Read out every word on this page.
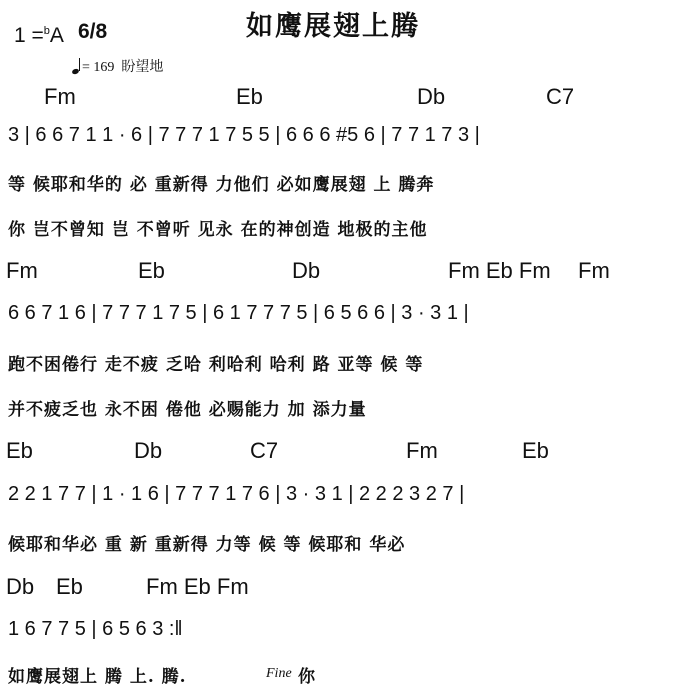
如鹰展翅上腾
1 =$^b$A 6/8
= 169 盼望地
Fm	Eb	Db	C7
3 | 6 6 7 1 1 · 6 | 7 7 7 1 7 5 5 | 6 6 6 #5 6 | 7 7 1 7 3 |
等 候耶和华的 必 重新得 力他们 必如鹰展翅 上 腾奔
你 岂不曾知 岂 不曾听 见永 在的神创造 地极的主他
Fm	Eb	Db	Fm Eb Fm Fm
6 6 7 1 6 | 7 7 7 1 7 5 | 6 1 7 7 7 5 | 6 5 6 6 | 3 · 3 1 |
跑不困倦行 走不疲 乏哈 利哈利 哈利 路 亚等 候 等
并不疲乏也 永不困 倦他 必赐能力 加 添力量
Eb	Db	C7	Fm	Eb
2 2 1 7 7 | 1 · 1 6 | 7 7 7 1 7 6 | 3 · 3 1 | 2 2 2 3 2 7 |
候耶和华必 重 新 重新得 力等 候 等 候耶和 华必
Db Eb	Fm Eb Fm
1 6 7 7 5 | 6 5 6 3 :‖
如鹰展翅上 腾 上. 腾.	Fine 你
